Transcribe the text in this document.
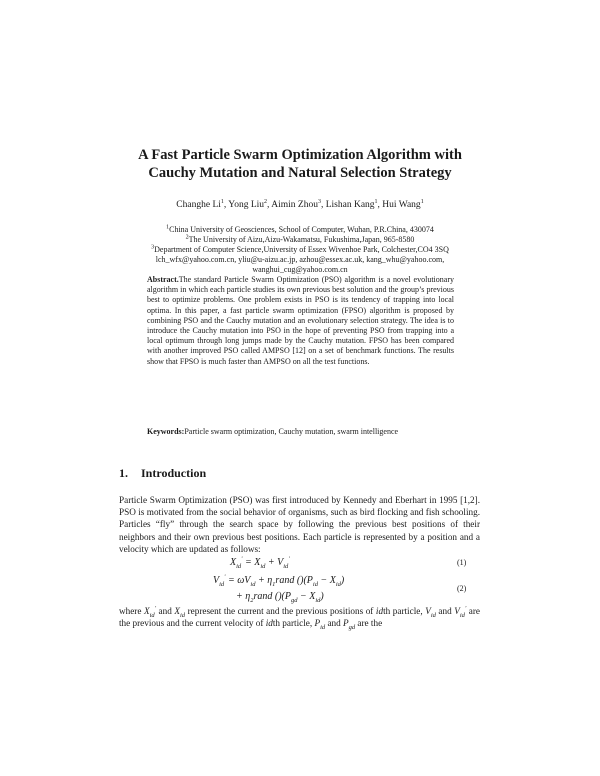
A Fast Particle Swarm Optimization Algorithm with
Cauchy Mutation and Natural Selection Strategy
Changhe Li$^1$, Yong Liu$^2$, Aimin Zhou$^3$, Lishan Kang$^1$, Hui Wang$^1$
$^1$China University of Geosciences, School of Computer, Wuhan, P.R.China, 430074
$^2$The University of Aizu,Aizu-Wakamatsu, Fukushima,Japan, 965-8580
$^3$Department of Computer Science,University of Essex Wivenhoe Park, Colchester,CO4 3SQ
lch_wfx@yahoo.com.cn, yliu@u-aizu.ac.jp, azhou@essex.ac.uk, kang_whu@yahoo.com,
wanghui_cug@yahoo.com.cn
Abstract.The standard Particle Swarm Optimization (PSO) algorithm is a novel evolutionary algorithm in which each particle studies its own previous best solution and the group’s previous best to optimize problems. One problem exists in PSO is its tendency of trapping into local optima. In this paper, a fast particle swarm optimization (FPSO) algorithm is proposed by combining PSO and the Cauchy mutation and an evolutionary selection strategy. The idea is to introduce the Cauchy mutation into PSO in the hope of preventing PSO from trapping into a local optimum through long jumps made by the Cauchy mutation. FPSO has been compared with another improved PSO called AMPSO [12] on a set of benchmark functions. The results show that FPSO is much faster than AMPSO on all the test functions.
Keywords:Particle swarm optimization, Cauchy mutation, swarm intelligence
1. Introduction
Particle Swarm Optimization (PSO) was first introduced by Kennedy and Eberhart in 1995 [1,2]. PSO is motivated from the social behavior of organisms, such as bird flocking and fish schooling. Particles “fly” through the search space by following the previous best positions of their neighbors and their own previous best positions. Each particle is represented by a position and a velocity which are updated as follows:
$X_{id}' = X_{id} + V_{id}'$	(1)
$V_{id}' = \omega V_{id}$ + $\eta_1rand$ $()(P_{id} - X_{id})$
+ $\eta_2rand$ $()(P_{gd} - X_{id})$
(2)
where $X_{id}'$ and $X_{id}$ represent the current and the previous positions of idth particle, $V_{id}$ and $V_{id}'$ are the previous and the current velocity of idth particle, $P_{id}$ and $P_{gd}$ are the
